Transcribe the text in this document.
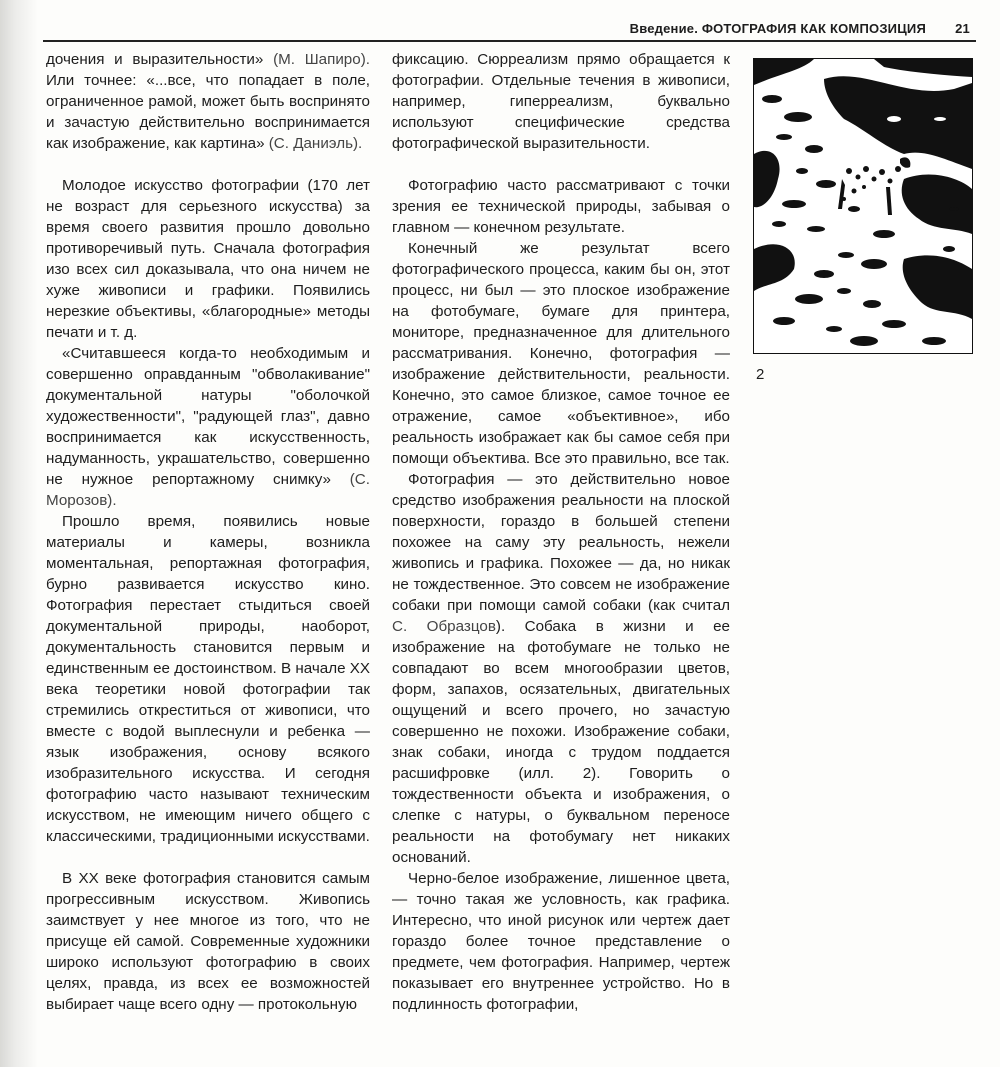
Введение. ФОТОГРАФИЯ КАК КОМПОЗИЦИЯ 21

дочения и выразительности» (М. Шапиро). Или точнее: «...все, что попадает в поле, ограниченное рамой, может быть воспринято и зачастую действительно воспринимается как изображение, как картина» (С. Даниэль).

Молодое искусство фотографии (170 лет не возраст для серьезного искусства) за время своего развития прошло довольно противоречивый путь. Сначала фотография изо всех сил доказывала, что она ничем не хуже живописи и графики. Появились нерезкие объективы, «благородные» методы печати и т. д.

«Считавшееся когда-то необходимым и совершенно оправданным "обволакивание" документальной натуры "оболочкой художественности", "радующей глаз", давно воспринимается как искусственность, надуманность, украшательство, совершенно не нужное репортажному снимку» (С. Морозов).

Прошло время, появились новые материалы и камеры, возникла моментальная, репортажная фотография, бурно развивается искусство кино. Фотография перестает стыдиться своей документальной природы, наоборот, документальность становится первым и единственным ее достоинством. В начале XX века теоретики новой фотографии так стремились откреститься от живописи, что вместе с водой выплеснули и ребенка — язык изображения, основу всякого изобразительного искусства. И сегодня фотографию часто называют техническим искусством, не имеющим ничего общего с классическими, традиционными искусствами.

В XX веке фотография становится самым прогрессивным искусством. Живопись заимствует у нее многое из того, что не присуще ей самой. Современные художники широко используют фотографию в своих целях, правда, из всех ее возможностей выбирает чаще всего одну — протокольную

фиксацию. Сюрреализм прямо обращается к фотографии. Отдельные течения в живописи, например, гиперреализм, буквально используют специфические средства фотографической выразительности.

Фотографию часто рассматривают с точки зрения ее технической природы, забывая о главном — конечном результате.

Конечный же результат всего фотографического процесса, каким бы он, этот процесс, ни был — это плоское изображение на фотобумаге, бумаге для принтера, мониторе, предназначенное для длительного рассматривания. Конечно, фотография — изображение действительности, реальности. Конечно, это самое близкое, самое точное ее отражение, самое «объективное», ибо реальность изображает как бы самое себя при помощи объектива. Все это правильно, все так.

Фотография — это действительно новое средство изображения реальности на плоской поверхности, гораздо в большей степени похожее на саму эту реальность, нежели живопись и графика. Похожее — да, но никак не тождественное. Это совсем не изображение собаки при помощи самой собаки (как считал С. Образцов). Собака в жизни и ее изображение на фотобумаге не только не совпадают во всем многообразии цветов, форм, запахов, осязательных, двигательных ощущений и всего прочего, но зачастую совершенно не похожи. Изображение собаки, знак собаки, иногда с трудом поддается расшифровке (илл. 2). Говорить о тождественности объекта и изображения, о слепке с натуры, о буквальном переносе реальности на фотобумагу нет никаких оснований.

Черно-белое изображение, лишенное цвета, — точно такая же условность, как графика. Интересно, что иной рисунок или чертеж дает гораздо более точное представление о предмете, чем фотография. Например, чертеж показывает его внутреннее устройство. Но в подлинность фотографии,

2
